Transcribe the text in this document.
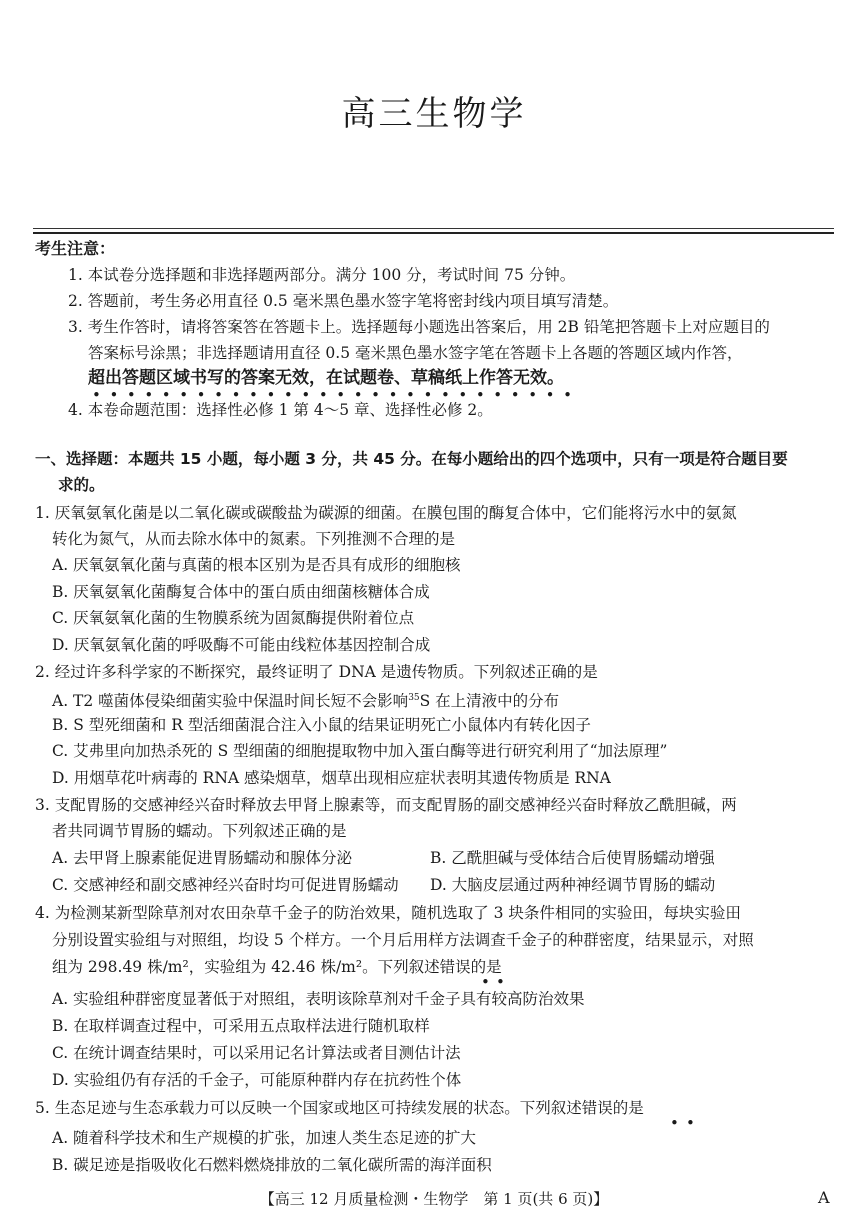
高三生物学
考生注意：
1. 本试卷分选择题和非选择题两部分。满分 100 分，考试时间 75 分钟。
2. 答题前，考生务必用直径 0.5 毫米黑色墨水签字笔将密封线内项目填写清楚。
3. 考生作答时，请将答案答在答题卡上。选择题每小题选出答案后，用 2B 铅笔把答题卡上对应题目的
答案标号涂黑；非选择题请用直径 0.5 毫米黑色墨水签字笔在答题卡上各题的答题区域内作答，
超出答题区域书写的答案无效，在试题卷、草稿纸上作答无效。
••••••••••••••••••••••••••••
4. 本卷命题范围：选择性必修 1 第 4～5 章、选择性必修 2。
一、选择题：本题共 15 小题，每小题 3 分，共 45 分。在每小题给出的四个选项中，只有一项是符合题目要
求的。
1. 厌氧氨氧化菌是以二氧化碳或碳酸盐为碳源的细菌。在膜包围的酶复合体中，它们能将污水中的氨氮
转化为氮气，从而去除水体中的氮素。下列推测不合理的是
A. 厌氧氨氧化菌与真菌的根本区别为是否具有成形的细胞核
B. 厌氧氨氧化菌酶复合体中的蛋白质由细菌核糖体合成
C. 厌氧氨氧化菌的生物膜系统为固氮酶提供附着位点
D. 厌氧氨氧化菌的呼吸酶不可能由线粒体基因控制合成
2. 经过许多科学家的不断探究，最终证明了 DNA 是遗传物质。下列叙述正确的是
A. T2 噬菌体侵染细菌实验中保温时间长短不会影响$^{35}$S 在上清液中的分布
B. S 型死细菌和 R 型活细菌混合注入小鼠的结果证明死亡小鼠体内有转化因子
C. 艾弗里向加热杀死的 S 型细菌的细胞提取物中加入蛋白酶等进行研究利用了“加法原理”
D. 用烟草花叶病毒的 RNA 感染烟草，烟草出现相应症状表明其遗传物质是 RNA
3. 支配胃肠的交感神经兴奋时释放去甲肾上腺素等，而支配胃肠的副交感神经兴奋时释放乙酰胆碱，两
者共同调节胃肠的蠕动。下列叙述正确的是
A. 去甲肾上腺素能促进胃肠蠕动和腺体分泌	B. 乙酰胆碱与受体结合后使胃肠蠕动增强
C. 交感神经和副交感神经兴奋时均可促进胃肠蠕动 D. 大脑皮层通过两种神经调节胃肠的蠕动
4. 为检测某新型除草剂对农田杂草千金子的防治效果，随机选取了 3 块条件相同的实验田，每块实验田
分别设置实验组与对照组，均设 5 个样方。一个月后用样方法调查千金子的种群密度，结果显示，对照
组为 298.49 株/m²，实验组为 42.46 株/m²。下列叙述错误的是
• •
A. 实验组种群密度显著低于对照组，表明该除草剂对千金子具有较高防治效果
B. 在取样调查过程中，可采用五点取样法进行随机取样
C. 在统计调查结果时，可以采用记名计算法或者目测估计法
D. 实验组仍有存活的千金子，可能原种群内存在抗药性个体
5. 生态足迹与生态承载力可以反映一个国家或地区可持续发展的状态。下列叙述错误的是
• •
A. 随着科学技术和生产规模的扩张，加速人类生态足迹的扩大
B. 碳足迹是指吸收化石燃料燃烧排放的二氧化碳所需的海洋面积
【高三 12 月质量检测・生物学　第 1 页(共 6 页)】	A
